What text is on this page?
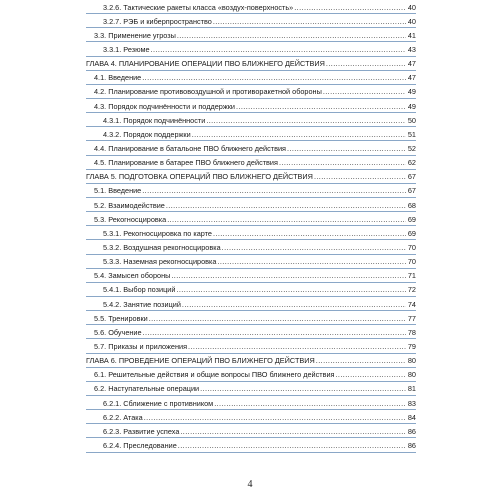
3.2.6. Тактические ракеты класса «воздух-поверхность» .....	40
3.2.7. РЭБ и киберпространство .....	40
3.3. Применение угрозы .....	41
3.3.1. Резюме .....	43
ГЛАВА 4. ПЛАНИРОВАНИЕ ОПЕРАЦИИ ПВО БЛИЖНЕГО ДЕЙСТВИЯ .....	47
4.1. Введение .....	47
4.2. Планирование противовоздушной и противоракетной обороны .....	49
4.3. Порядок подчинённости и поддержки .....	49
4.3.1. Порядок подчинённости .....	50
4.3.2. Порядок поддержки .....	51
4.4. Планирование в батальоне ПВО ближнего действия .....	52
4.5. Планирование в батарее ПВО ближнего действия .....	62
ГЛАВА 5. ПОДГОТОВКА ОПЕРАЦИЙ ПВО БЛИЖНЕГО ДЕЙСТВИЯ .....	67
5.1. Введение .....	67
5.2. Взаимодействие .....	68
5.3. Рекогносцировка .....	69
5.3.1. Рекогносцировка по карте .....	69
5.3.2. Воздушная рекогносцировка .....	70
5.3.3. Наземная рекогносцировка .....	70
5.4. Замысел обороны .....	71
5.4.1. Выбор позиций .....	72
5.4.2. Занятие позиций .....	74
5.5. Тренировки .....	77
5.6. Обучение .....	78
5.7. Приказы и приложения .....	79
ГЛАВА 6. ПРОВЕДЕНИЕ ОПЕРАЦИЙ ПВО БЛИЖНЕГО ДЕЙСТВИЯ .....	80
6.1. Решительные действия и общие вопросы ПВО ближнего действия .....	80
6.2. Наступательные операции .....	81
6.2.1. Сближение с противником .....	83
6.2.2. Атака .....	84
6.2.3. Развитие успеха .....	86
6.2.4. Преследование .....	86
4
